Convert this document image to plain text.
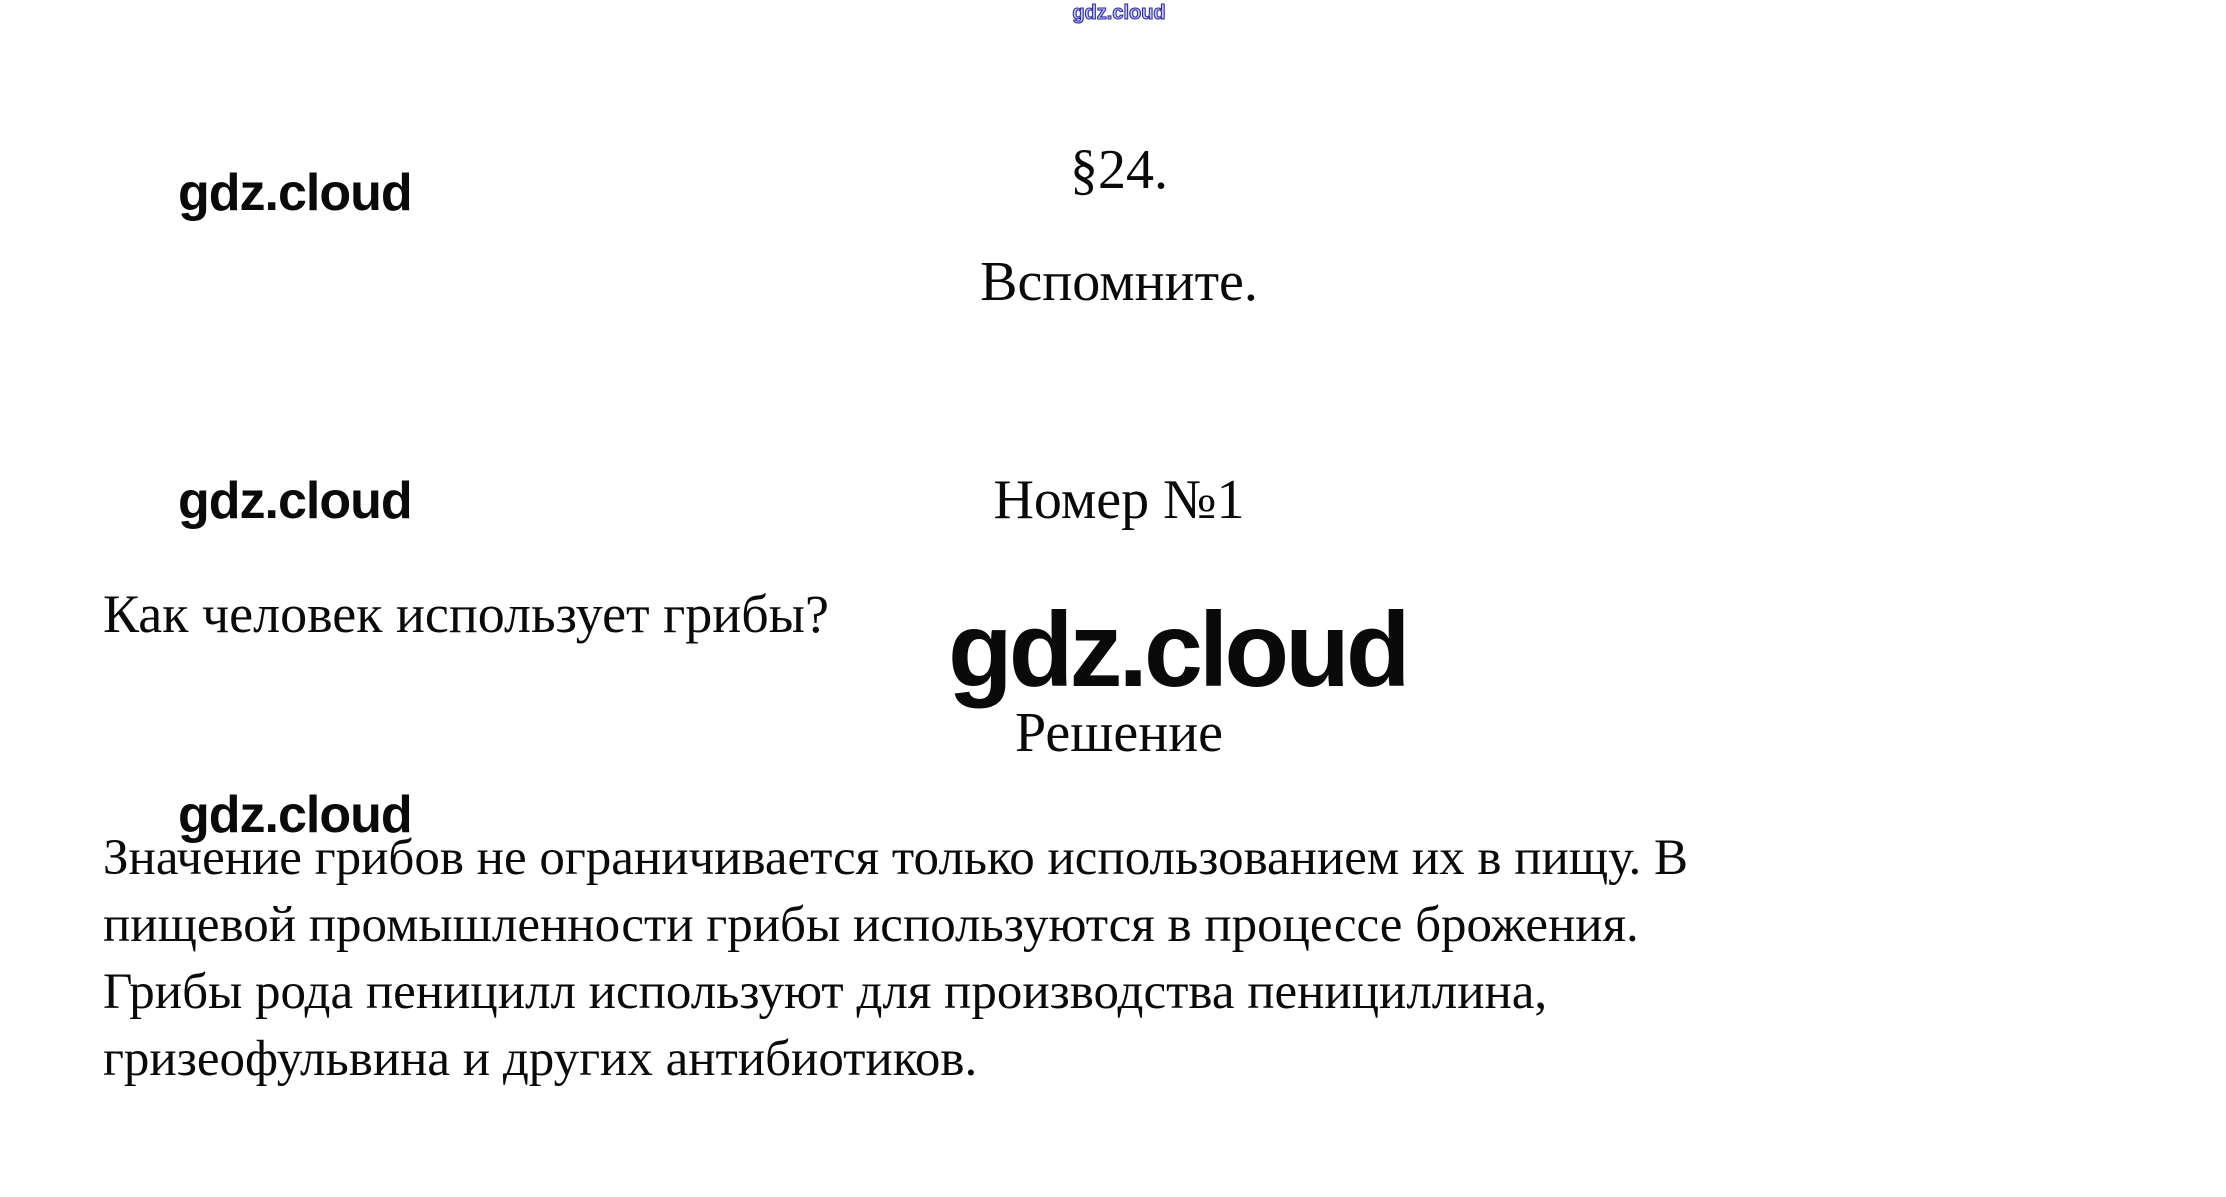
gdz.cloud
gdz.cloud	§24.
Вспомните.
gdz.cloud	Номер №1
Как человек использует грибы? gdz.cloud
Решение
gdz.cloud
Значение грибов не ограничивается только использованием их в пищу. В
пищевой промышленности грибы используются в процессе брожения.
Грибы рода пеницилл используют для производства пенициллина,
гризеофульвина и других антибиотиков.
